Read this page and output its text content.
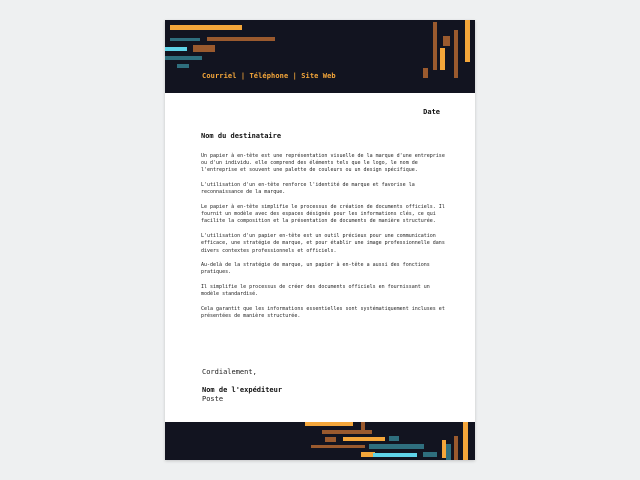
Courriel | Téléphone | Site Web
Date
Nom du destinataire

Un papier à en-tête est une représentation visuelle de la marque d'une entreprise ou d'un individu. elle comprend des éléments tels que le logo, le nom de l'entreprise et souvent une palette de couleurs ou un design spécifique.

L'utilisation d'un en-tête renforce l'identité de marque et favorise la reconnaissance de la marque.

Le papier à en-tête simplifie le processus de création de documents officiels. Il fournit un modèle avec des espaces désignés pour les informations clés, ce qui facilite la composition et la présentation de documents de manière structurée.

L'utilisation d'un papier en-tête est un outil précieux pour une communication efficace, une stratégie de marque, et pour établir une image professionnelle dans divers contextes professionnels et officiels.

Au-delà de la stratégie de marque, un papier à en-tête a aussi des fonctions pratiques.

Il simplifie le processus de créer des documents officiels en fournissant un modèle standardisé.

Cela garantit que les informations essentielles sont systématiquement incluses et présentées de manière structurée.

Cordialement,
Nom de l'expéditeur
Poste
